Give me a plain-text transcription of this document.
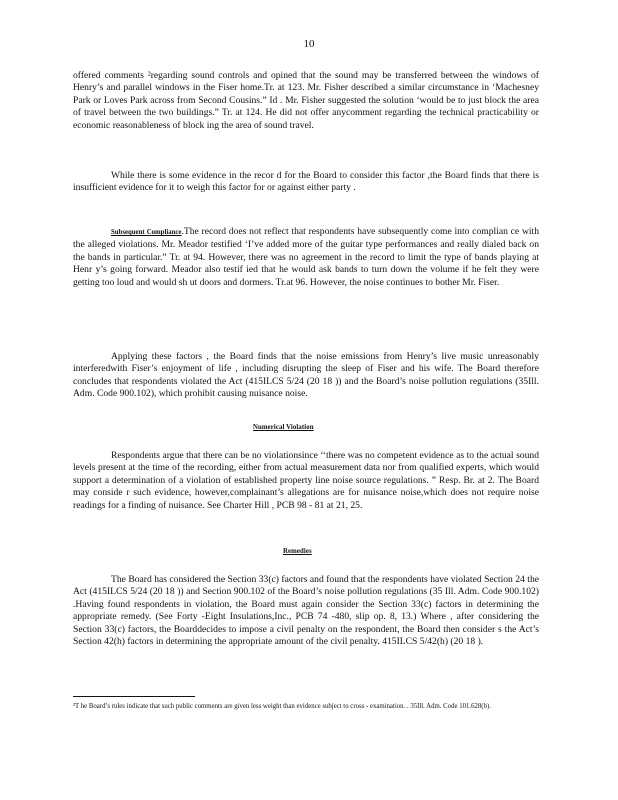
10
offered comments ²regarding sound controls and opined that the sound may be transferred between the windows of Henry’s and parallel windows in the Fiser home.Tr. at 123. Mr. Fisher described a similar circumstance in ‘Machesney Park or Loves Park across from Second Cousins.” Id . Mr. Fisher suggested the solution ‘would be to just block the area of travel between the two buildings.” Tr. at 124. He did not offer anycomment regarding the technical practicability or economic reasonableness of block ing the area of sound travel.
While there is some evidence in the recor d for the Board to consider this factor ,the Board finds that there is insufficient evidence for it to weigh this factor for or against either party .
Subsequent Compliance.The record does not reflect that respondents have subsequently come into complian ce with the alleged violations. Mr. Meador testified ‘I’ve added more of the guitar type performances and really dialed back on the bands in particular.” Tr. at 94. However, there was no agreement in the record to limit the type of bands playing at Henr y’s going forward. Meador also testif ied that he would ask bands to turn down the volume if he felt they were getting too loud and would sh ut doors and dormers. Tr.at 96. However, the noise continues to bother Mr. Fiser.
Applying these factors , the Board finds that the noise emissions from Henry’s live music unreasonably interferedwith Fiser’s enjoyment of life , including disrupting the sleep of Fiser and his wife. The Board therefore concludes that respondents violated the Act (415ILCS 5/24 (20 18 )) and the Board’s noise pollution regulations (35Ill. Adm. Code 900.102), which prohibit causing nuisance noise.
Numerical Violation
Respondents argue that there can be no violationsince ‘‘there was no competent evidence as to the actual sound levels present at the time of the recording, either from actual measurement data nor from qualified experts, which would support a determination of a violation of established property line noise source regulations. ” Resp. Br. at 2. The Board may conside r such evidence, however,complainant’s allegations are for nuisance noise,which does not require noise readings for a finding of nuisance. See Charter Hill , PCB 98 - 81 at 21, 25.
Remedies
The Board has considered the Section 33(c) factors and found that the respondents have violated Section 24 the Act (415ILCS 5/24 (20 18 )) and Section 900.102 of the Board’s noise pollution regulations (35 Ill. Adm. Code 900.102) .Having found respondents in violation, the Board must again consider the Section 33(c) factors in determining the appropriate remedy. (See Forty -Eight Insulations,Inc., PCB 74 -480, slip op. 8, 13.) Where , after considering the Section 33(c) factors, the Boarddecides to impose a civil penalty on the respondent, the Board then consider s the Act’s Section 42(h) factors in determining the appropriate amount of the civil penalty. 415ILCS 5/42(h) (20 18 ).
²T he Board’s rules indicate that such public comments are given less weight than evidence subject to cross - examination. . 35Ill. Adm. Code 101.628(b).
